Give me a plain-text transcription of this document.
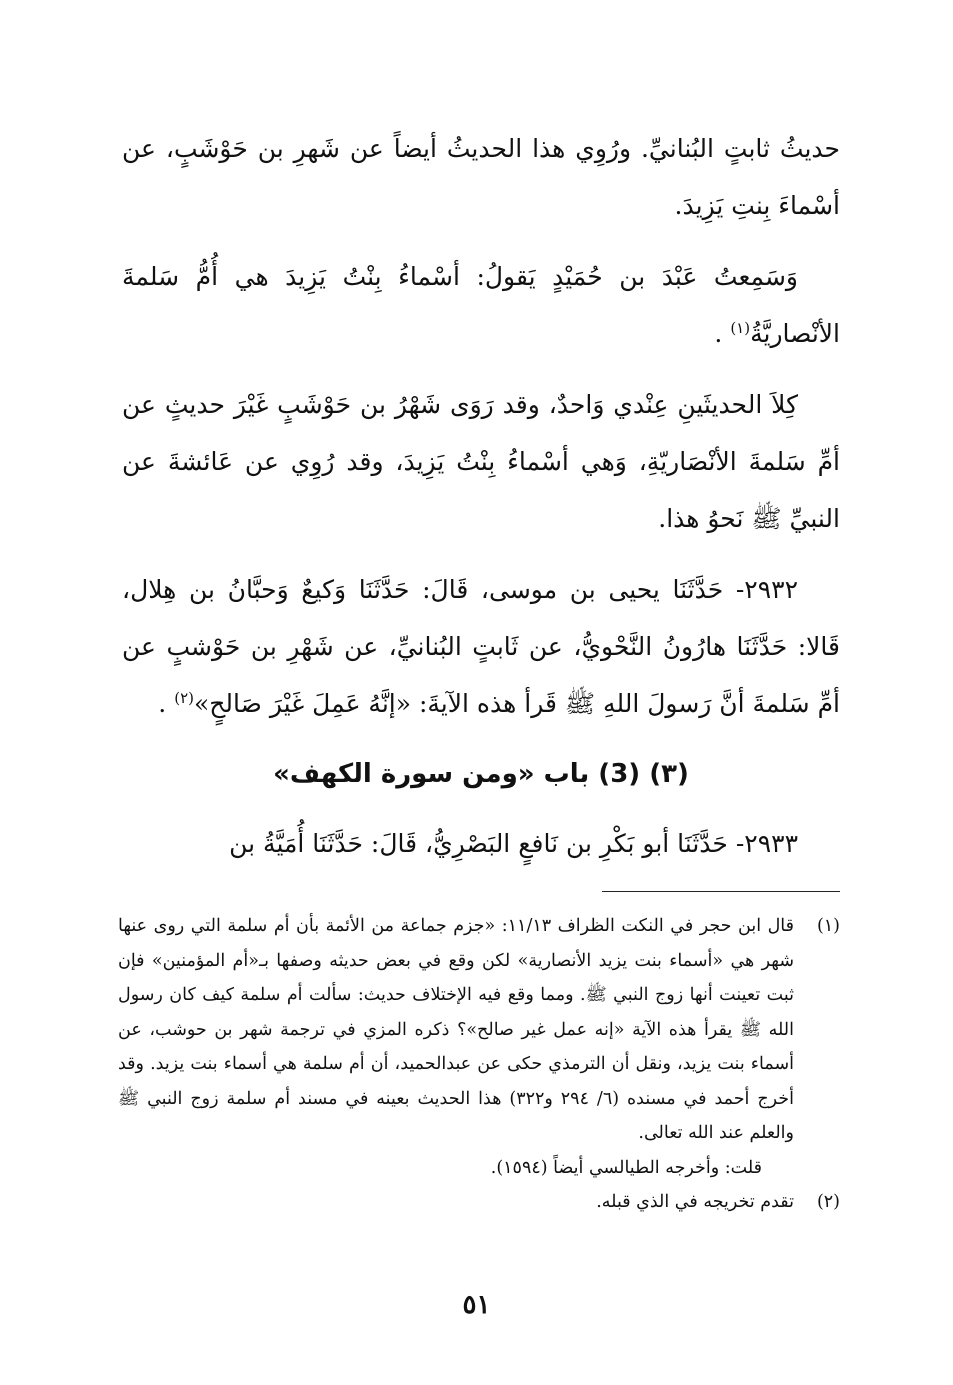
حديثُ ثابتٍ البُنانيِّ. ورُوِي هذا الحديثُ أيضاً عن شَهرِ بن حَوْشَبٍ، عن أسْماءَ بِنتِ يَزِيدَ.

وَسَمِعتُ عَبْدَ بن حُمَيْدٍ يَقولُ: أسْماءُ بِنْتُ يَزِيدَ هي أُمُّ سَلمةَ الأنْصاريَّةُ$^{(١)}$ .

كِلاَ الحديثَينِ عِنْدي وَاحدٌ، وقد رَوَى شَهْرُ بن حَوْشَبٍ غَيْرَ حديثٍ عن أمِّ سَلمةَ الأنْصَاريّةِ، وَهي أسْماءُ بِنْتُ يَزِيدَ، وقد رُوِي عن عَائشةَ عن النبيِّ ﷺ نَحوُ هذا.

٢٩٣٢- حَدَّثَنَا يحيى بن موسى، قَالَ: حَدَّثَنَا وَكيعٌ وَحبَّانُ بن هِلال، قَالا: حَدَّثَنَا هارُونُ النَّحْويُّ، عن ثَابتٍ البُنانيِّ، عن شَهْرِ بن حَوْشبٍ عن أمِّ سَلمةَ أنَّ رَسولَ اللهِ ﷺ قَرأ هذه الآيةَ: «إنَّهُ عَمِلَ غَيْرَ صَالحٍ»$^{(٢)}$ .

(٣) (3) باب «ومن سورة الكهف»

٢٩٣٣- حَدَّثَنَا أبو بَكْرِ بن نَافعٍ البَصْرِيُّ، قَالَ: حَدَّثَنَا أُمَيَّةُ بن

(١)
قال ابن حجر في النكت الظراف ١١/١٣: «جزم جماعة من الأئمة بأن أم سلمة التي روى عنها شهر هي «أسماء بنت يزيد الأنصارية» لكن وقع في بعض حديثه وصفها بـ«أم المؤمنين» فإن ثبت تعينت أنها زوج النبي ﷺ. ومما وقع فيه الإختلاف حديث: سألت أم سلمة كيف كان رسول الله ﷺ يقرأ هذه الآية «إنه عمل غير صالح»؟ ذكره المزي في ترجمة شهر بن حوشب، عن أسماء بنت يزيد، ونقل أن الترمذي حكى عن عبدالحميد، أن أم سلمة هي أسماء بنت يزيد. وقد أخرج أحمد في مسنده (٦/ ٢٩٤ و٣٢٢) هذا الحديث بعينه في مسند أم سلمة زوج النبي ﷺ والعلم عند الله تعالى.
قلت: وأخرجه الطيالسي أيضاً (١٥٩٤).
(٢)
تقدم تخريجه في الذي قبله.
٥١
